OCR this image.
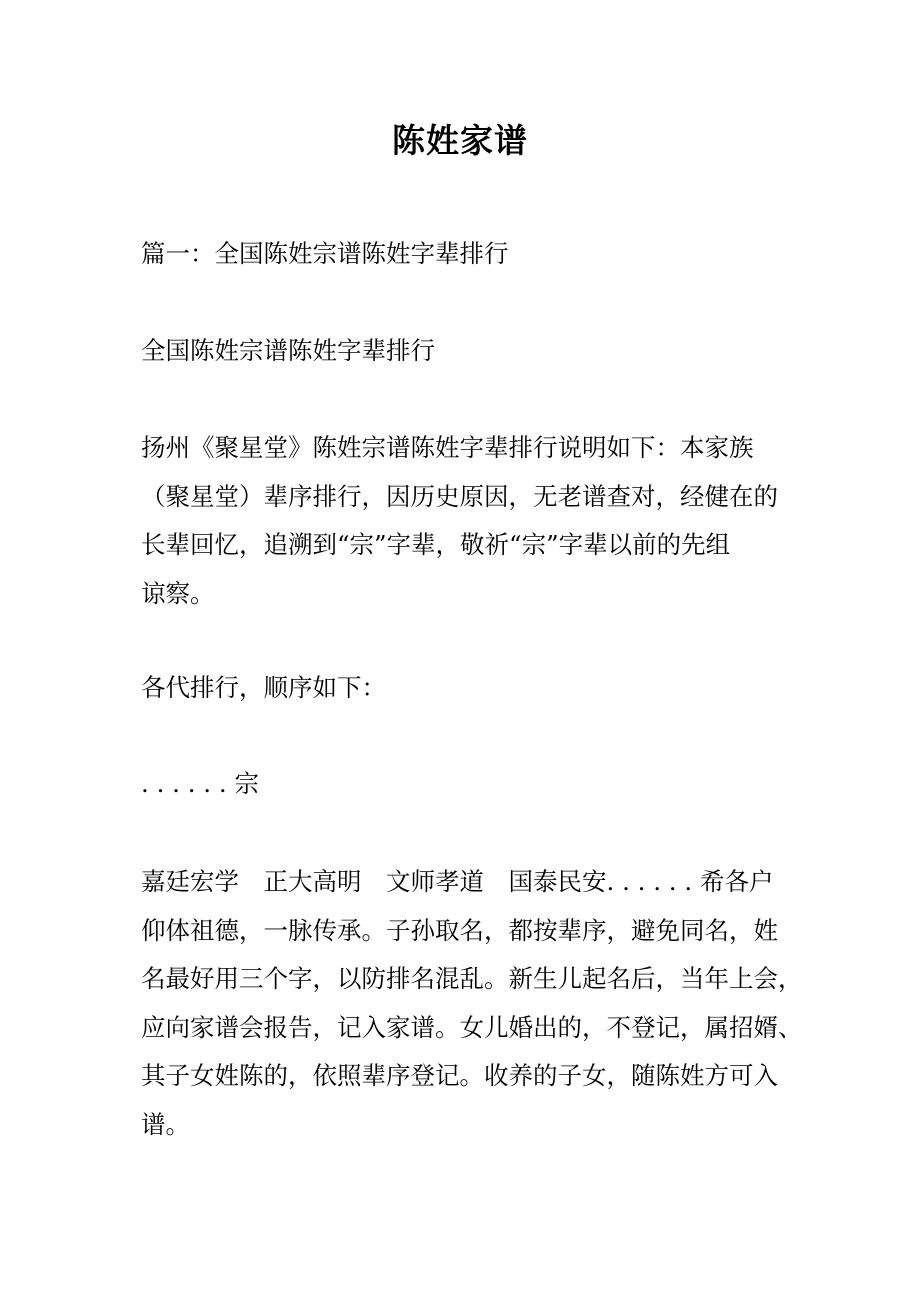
陈姓家谱
篇一：全国陈姓宗谱陈姓字辈排行
全国陈姓宗谱陈姓字辈排行
扬州《聚星堂》陈姓宗谱陈姓字辈排行说明如下：本家族
（聚星堂）辈序排行，因历史原因，无老谱查对，经健在的
长辈回忆，追溯到“宗”字辈，敬祈“宗”字辈以前的先组
谅察。
各代排行，顺序如下：
. . . . . . 宗
嘉廷宏学　正大高明　文师孝道　国泰民安. . . . . . 希各户
仰体祖德，一脉传承。子孙取名，都按辈序，避免同名，姓
名最好用三个字，以防排名混乱。新生儿起名后，当年上会，
应向家谱会报告，记入家谱。女儿婚出的，不登记，属招婿、
其子女姓陈的，依照辈序登记。收养的子女，随陈姓方可入
谱。
